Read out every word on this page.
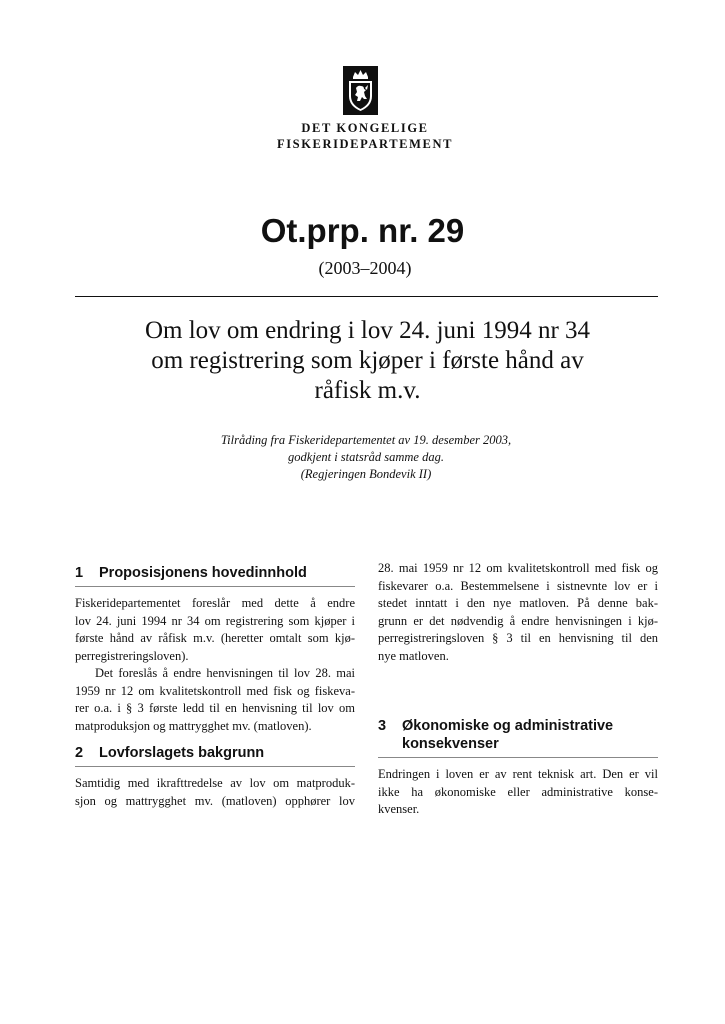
DET KONGELIGE
FISKERIDEPARTEMENT
Ot.prp. nr. 29
(2003–2004)
Om lov om endring i lov 24. juni 1994 nr 34
om registrering som kjøper i første hånd av
råfisk m.v.
Tilråding fra Fiskeridepartementet av 19. desember 2003,
godkjent i statsråd samme dag.
(Regjeringen Bondevik II)
1	Proposisjonens hovedinnhold
Fiskeridepartementet foreslår med dette å endre
lov 24. juni 1994 nr 34 om registrering som kjøper i
første hånd av råfisk m.v. (heretter omtalt som kjø-
perregistreringsloven).
Det foreslås å endre henvisningen til lov 28. mai
1959 nr 12 om kvalitetskontroll med fisk og fiskeva-
rer o.a. i § 3 første ledd til en henvisning til lov om
matproduksjon og mattrygghet mv. (matloven).
2	Lovforslagets bakgrunn
Samtidig med ikrafttredelse av lov om matproduk-
sjon og mattrygghet mv. (matloven) opphører lov
28. mai 1959 nr 12 om kvalitetskontroll med fisk og
fiskevarer o.a. Bestemmelsene i sistnevnte lov er i
stedet inntatt i den nye matloven. På denne bak-
grunn er det nødvendig å endre henvisningen i kjø-
perregistreringsloven § 3 til en henvisning til den
nye matloven.
3	Økonomiske og administrative
konsekvenser
Endringen i loven er av rent teknisk art. Den er vil
ikke ha økonomiske eller administrative konse-
kvenser.
